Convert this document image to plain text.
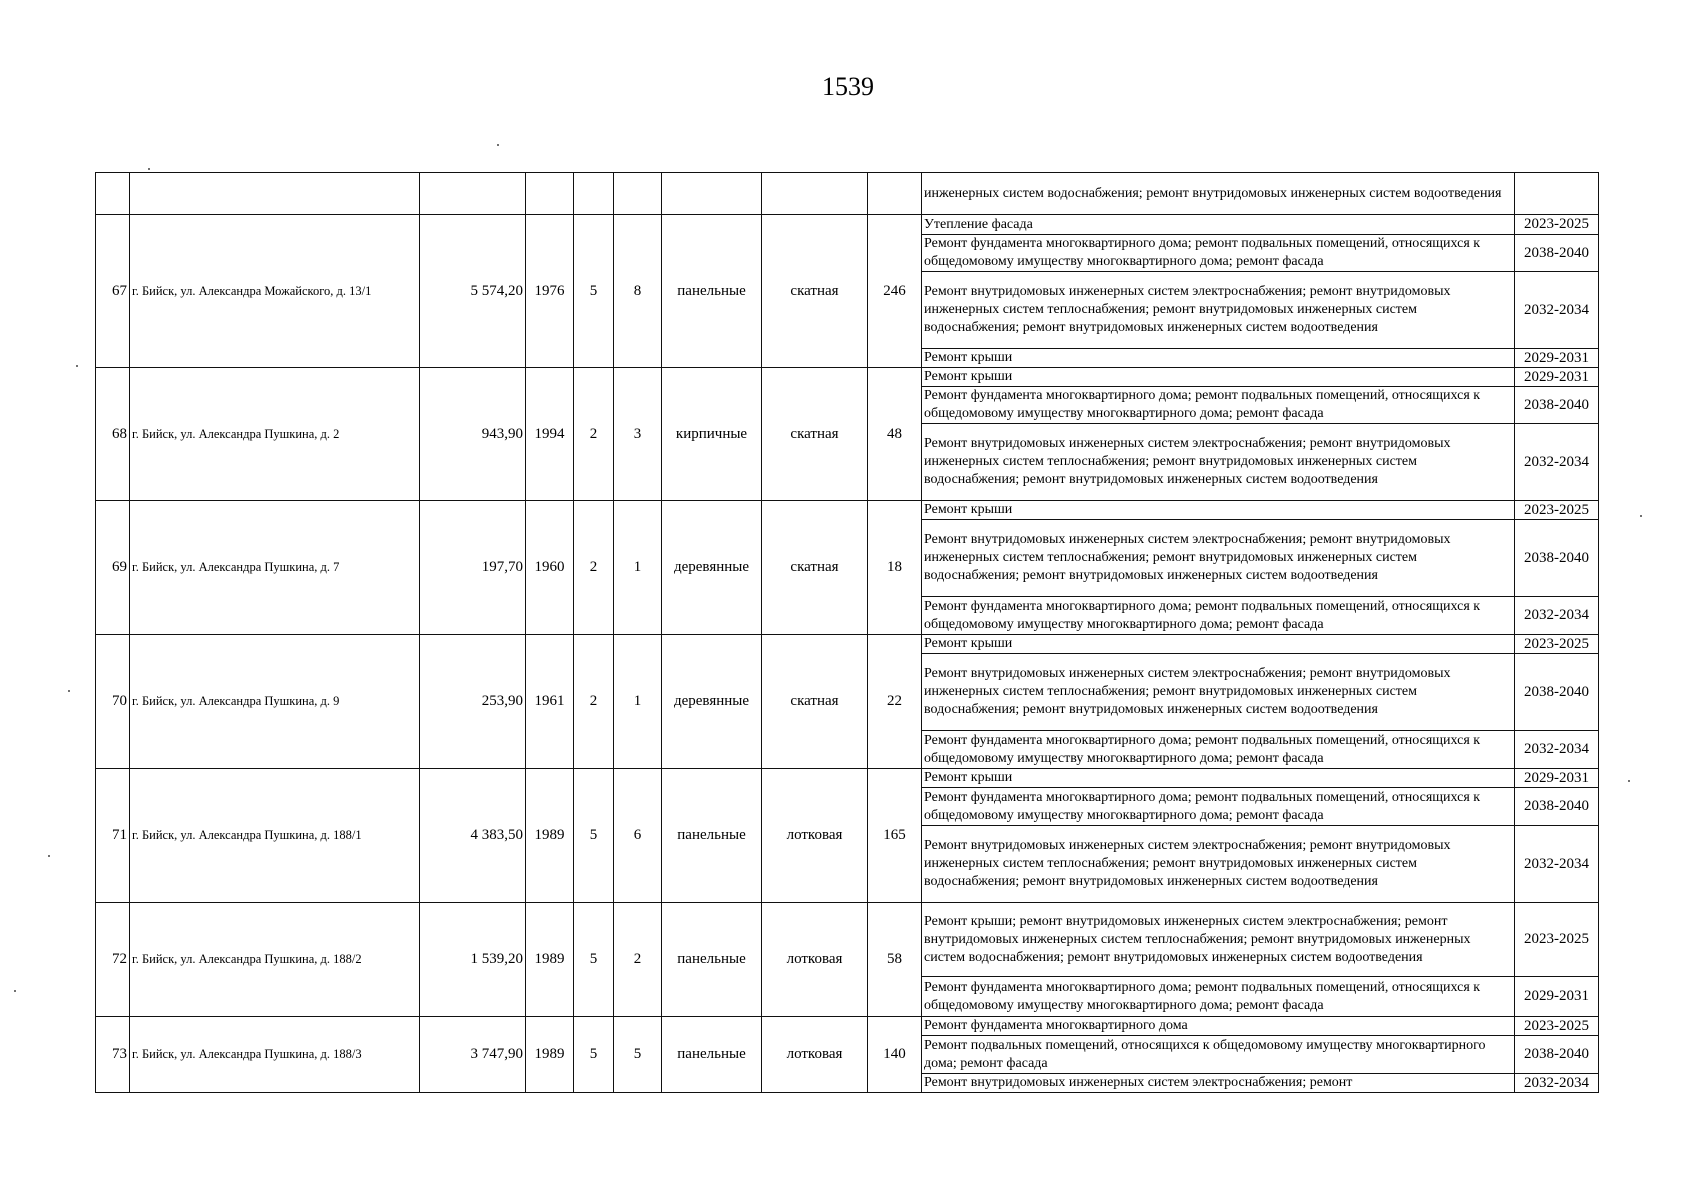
1539
									инженерных систем водоснабжения; ремонт внутридомовых инженерных систем водоотведения	
67	г. Бийск, ул. Александра Можайского, д. 13/1	5 574,20	1976	5	8	панельные	скатная	246	Утепление фасада	2023-2025
									Ремонт фундамента многоквартирного дома; ремонт подвальных помещений, относящихся к общедомовому имуществу многоквартирного дома; ремонт фасада	2038-2040
									Ремонт внутридомовых инженерных систем электроснабжения; ремонт внутридомовых инженерных систем теплоснабжения; ремонт внутридомовых инженерных систем водоснабжения; ремонт внутридомовых инженерных систем водоотведения	2032-2034
									Ремонт крыши	2029-2031
68	г. Бийск, ул. Александра Пушкина, д. 2	943,90	1994	2	3	кирпичные	скатная	48	Ремонт крыши	2029-2031
									Ремонт фундамента многоквартирного дома; ремонт подвальных помещений, относящихся к общедомовому имуществу многоквартирного дома; ремонт фасада	2038-2040
									Ремонт внутридомовых инженерных систем электроснабжения; ремонт внутридомовых инженерных систем теплоснабжения; ремонт внутридомовых инженерных систем водоснабжения; ремонт внутридомовых инженерных систем водоотведения	2032-2034
69	г. Бийск, ул. Александра Пушкина, д. 7	197,70	1960	2	1	деревянные	скатная	18	Ремонт крыши	2023-2025
									Ремонт внутридомовых инженерных систем электроснабжения; ремонт внутридомовых инженерных систем теплоснабжения; ремонт внутридомовых инженерных систем водоснабжения; ремонт внутридомовых инженерных систем водоотведения	2038-2040
									Ремонт фундамента многоквартирного дома; ремонт подвальных помещений, относящихся к общедомовому имуществу многоквартирного дома; ремонт фасада	2032-2034
70	г. Бийск, ул. Александра Пушкина, д. 9	253,90	1961	2	1	деревянные	скатная	22	Ремонт крыши	2023-2025
									Ремонт внутридомовых инженерных систем электроснабжения; ремонт внутридомовых инженерных систем теплоснабжения; ремонт внутридомовых инженерных систем водоснабжения; ремонт внутридомовых инженерных систем водоотведения	2038-2040
									Ремонт фундамента многоквартирного дома; ремонт подвальных помещений, относящихся к общедомовому имуществу многоквартирного дома; ремонт фасада	2032-2034
71	г. Бийск, ул. Александра Пушкина, д. 188/1	4 383,50	1989	5	6	панельные	лотковая	165	Ремонт крыши	2029-2031
									Ремонт фундамента многоквартирного дома; ремонт подвальных помещений, относящихся к общедомовому имуществу многоквартирного дома; ремонт фасада	2038-2040
									Ремонт внутридомовых инженерных систем электроснабжения; ремонт внутридомовых инженерных систем теплоснабжения; ремонт внутридомовых инженерных систем водоснабжения; ремонт внутридомовых инженерных систем водоотведения	2032-2034
72	г. Бийск, ул. Александра Пушкина, д. 188/2	1 539,20	1989	5	2	панельные	лотковая	58	Ремонт крыши; ремонт внутридомовых инженерных систем электроснабжения; ремонт внутридомовых инженерных систем теплоснабжения; ремонт внутридомовых инженерных систем водоснабжения; ремонт внутридомовых инженерных систем водоотведения	2023-2025
									Ремонт фундамента многоквартирного дома; ремонт подвальных помещений, относящихся к общедомовому имуществу многоквартирного дома; ремонт фасада	2029-2031
73	г. Бийск, ул. Александра Пушкина, д. 188/3	3 747,90	1989	5	5	панельные	лотковая	140	Ремонт фундамента многоквартирного дома	2023-2025
									Ремонт подвальных помещений, относящихся к общедомовому имуществу многоквартирного дома; ремонт фасада	2038-2040
									Ремонт внутридомовых инженерных систем электроснабжения; ремонт	2032-2034
